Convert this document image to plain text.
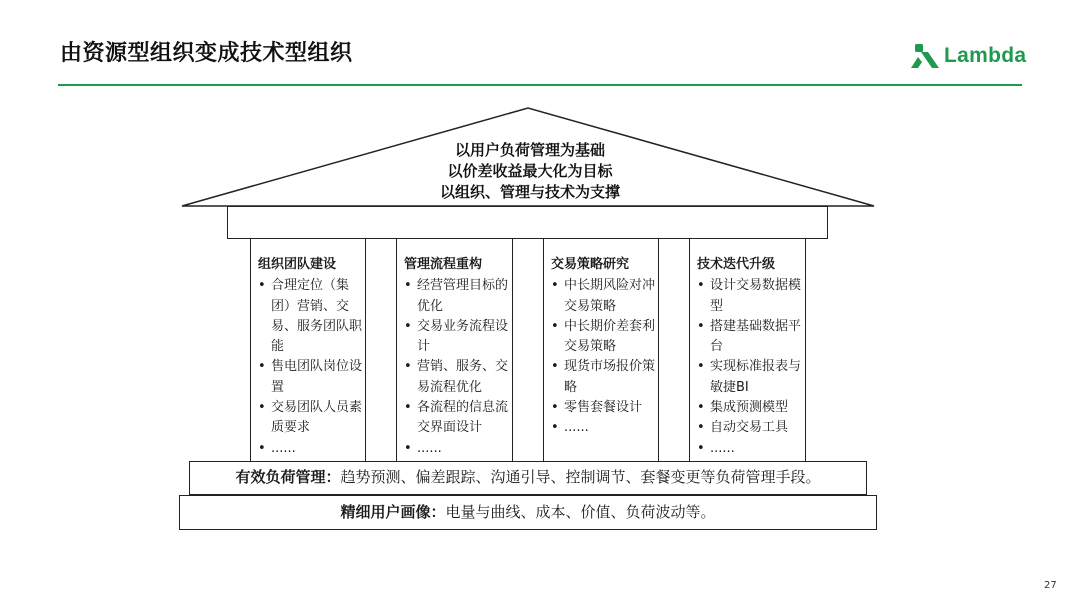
由资源型组织变成技术型组织	Lambda
以用户负荷管理为基础
以价差收益最大化为目标
以组织、管理与技术为支撑
组织团队建设
• 合理定位（集团）营销、交易、服务团队职能
• 售电团队岗位设置
• 交易团队人员素质要求
• ......
管理流程重构
• 经营管理目标的优化
• 交易业务流程设计
• 营销、服务、交易流程优化
• 各流程的信息流交界面设计
• ......
交易策略研究
• 中长期风险对冲交易策略
• 中长期价差套利交易策略
• 现货市场报价策略
• 零售套餐设计
• ......
技术迭代升级
• 设计交易数据模型
• 搭建基础数据平台
• 实现标准报表与敏捷BI
• 集成预测模型
• 自动交易工具
• ......
有效负荷管理：趋势预测、偏差跟踪、沟通引导、控制调节、套餐变更等负荷管理手段。
精细用户画像：电量与曲线、成本、价值、负荷波动等。
27
